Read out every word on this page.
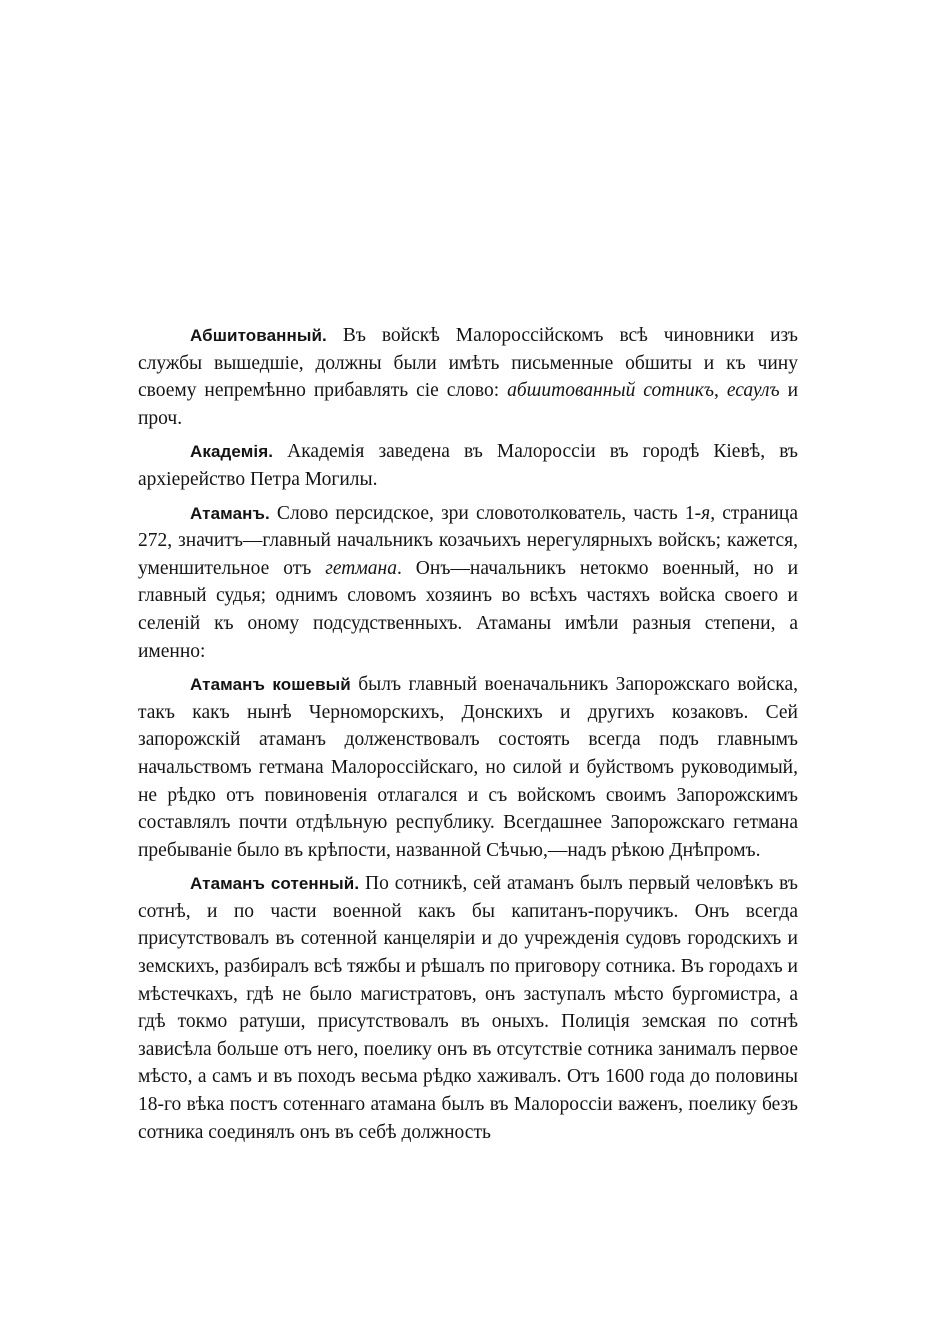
Абшитованный. Въ войскѣ Малороссійскомъ всѣ чиновники изъ службы вышедшіе, должны были имѣть письменные обшиты и къ чину своему непремѣнно прибавлять сіе слово: абшитованный сотникъ, есаулъ и проч.

Академія. Академія заведена въ Малороссіи въ городѣ Кіевѣ, въ архіерейство Петра Могилы.

Атаманъ. Слово персидское, зри словотолкователь, часть 1-я, страница 272, значитъ—главный начальникъ козачьихъ нерегулярныхъ войскъ; кажется, уменшительное отъ гетмана. Онъ—начальникъ нетокмо военный, но и главный судья; однимъ словомъ хозяинъ во всѣхъ частяхъ войска своего и селеній къ оному подсудственныхъ. Атаманы имѣли разныя степени, а именно:

Атаманъ кошевый былъ главный военачальникъ Запорожскаго войска, такъ какъ нынѣ Черноморскихъ, Донскихъ и другихъ козаковъ. Сей запорожскій атаманъ долженствовалъ состоять всегда подъ главнымъ начальствомъ гетмана Малороссійскаго, но силой и буйствомъ руководимый, не рѣдко отъ повиновенія отлагался и съ войскомъ своимъ Запорожскимъ составлялъ почти отдѣльную республику. Всегдашнее Запорожскаго гетмана пребываніе было въ крѣпости, названной Сѣчью,—надъ рѣкою Днѣпромъ.

Атаманъ сотенный. По сотникѣ, сей атаманъ былъ первый человѣкъ въ сотнѣ, и по части военной какъ бы капитанъ-поручикъ. Онъ всегда присутствовалъ въ сотенной канцеляріи и до учрежденія судовъ городскихъ и земскихъ, разбиралъ всѣ тяжбы и рѣшалъ по приговору сотника. Въ городахъ и мѣстечкахъ, гдѣ не было магистратовъ, онъ заступалъ мѣсто бургомистра, а гдѣ токмо ратуши, присутствовалъ въ оныхъ. Полиція земская по сотнѣ зависѣла больше отъ него, поелику онъ въ отсутствіе сотника занималъ первое мѣсто, а самъ и въ походъ весьма рѣдко хаживалъ. Отъ 1600 года до половины 18-го вѣка постъ сотеннаго атамана былъ въ Малороссіи важенъ, поелику безъ сотника соединялъ онъ въ себѣ должность
